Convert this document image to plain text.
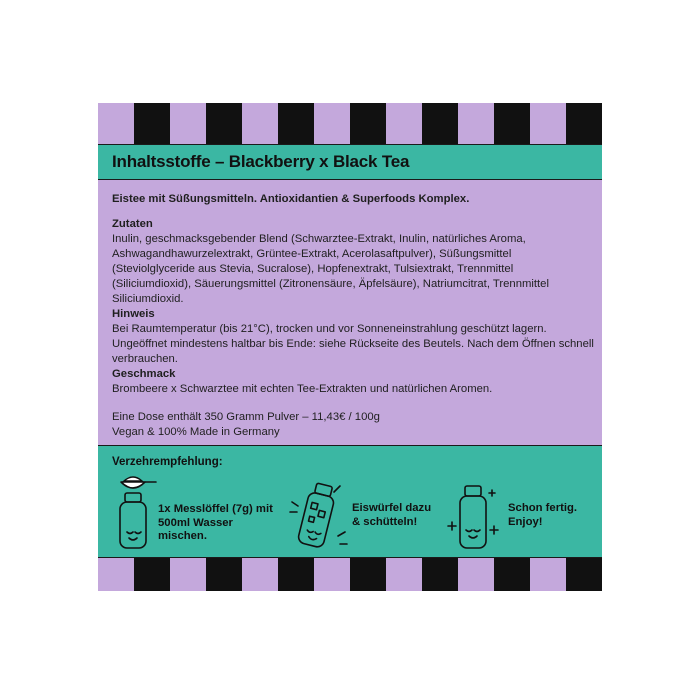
Inhaltsstoffe – Blackberry x Black Tea

Eistee mit Süßungsmitteln. Antioxidantien & Superfoods Komplex.

Zutaten

Inulin, geschmacksgebender Blend (Schwarztee-Extrakt, Inulin, natürliches Aroma, Ashwagandhawurzelextrakt, Grüntee-Extrakt, Acerolasaftpulver), Süßungsmittel (Steviolglyceride aus Stevia, Sucralose), Hopfenextrakt, Tulsiextrakt, Trennmittel (Siliciumdioxid), Säuerungsmittel (Zitronensäure, Äpfelsäure), Natriumcitrat, Trennmittel Siliciumdioxid.

Hinweis

Bei Raumtemperatur (bis 21°C), trocken und vor Sonneneinstrahlung geschützt lagern. Ungeöffnet mindestens haltbar bis Ende: siehe Rückseite des Beutels. Nach dem Öffnen schnell verbrauchen.

Geschmack

Brombeere x Schwarztee mit echten Tee-Extrakten und natürlichen Aromen.

Eine Dose enthält 350 Gramm Pulver – 11,43€ / 100g

Vegan & 100% Made in Germany

Verzehrempfehlung:
1x Messlöffel (7g) mit 500ml Wasser mischen.
Eiswürfel dazu & schütteln!
Schon fertig. Enjoy!
